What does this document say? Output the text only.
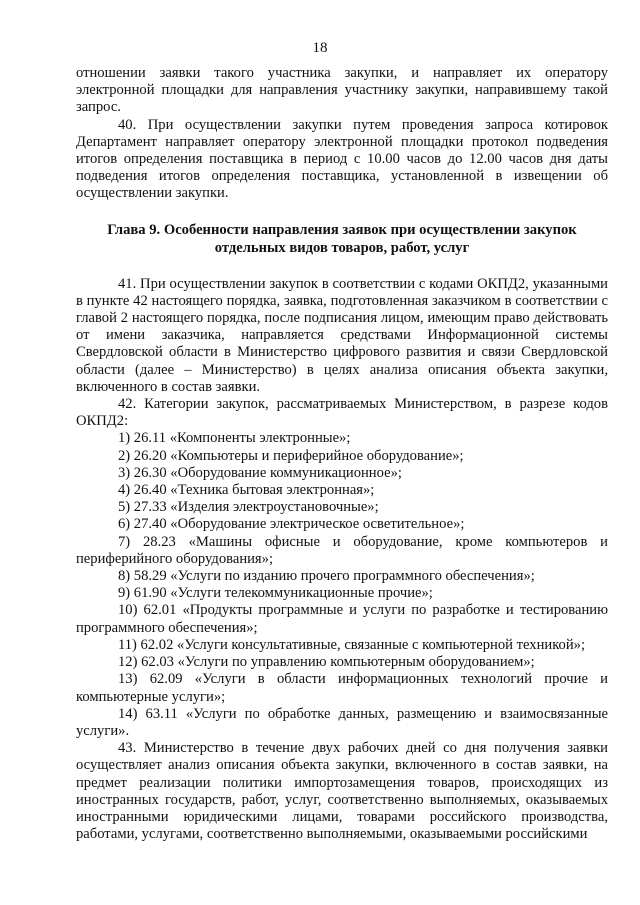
18

отношении заявки такого участника закупки, и направляет их оператору электронной площадки для направления участнику закупки, направившему такой запрос.

40. При осуществлении закупки путем проведения запроса котировок Департамент направляет оператору электронной площадки протокол подведения итогов определения поставщика в период с 10.00 часов до 12.00 часов дня даты подведения итогов определения поставщика, установленной в извещении об осуществлении закупки.

Глава 9. Особенности направления заявок при осуществлении закупок
отдельных видов товаров, работ, услуг

41. При осуществлении закупок в соответствии с кодами ОКПД2, указанными в пункте 42 настоящего порядка, заявка, подготовленная заказчиком в соответствии с главой 2 настоящего порядка, после подписания лицом, имеющим право действовать от имени заказчика, направляется средствами Информационной системы Свердловской области в Министерство цифрового развития и связи Свердловской области (далее – Министерство) в целях анализа описания объекта закупки, включенного в состав заявки.

42. Категории закупок, рассматриваемых Министерством, в разрезе кодов ОКПД2:

1) 26.11 «Компоненты электронные»;

2) 26.20 «Компьютеры и периферийное оборудование»;

3) 26.30 «Оборудование коммуникационное»;

4) 26.40 «Техника бытовая электронная»;

5) 27.33 «Изделия электроустановочные»;

6) 27.40 «Оборудование электрическое осветительное»;

7) 28.23 «Машины офисные и оборудование, кроме компьютеров и периферийного оборудования»;

8) 58.29 «Услуги по изданию прочего программного обеспечения»;

9) 61.90 «Услуги телекоммуникационные прочие»;

10) 62.01 «Продукты программные и услуги по разработке и тестированию программного обеспечения»;

11) 62.02 «Услуги консультативные, связанные с компьютерной техникой»;

12) 62.03 «Услуги по управлению компьютерным оборудованием»;

13) 62.09 «Услуги в области информационных технологий прочие и компьютерные услуги»;

14) 63.11 «Услуги по обработке данных, размещению и взаимосвязанные услуги».

43. Министерство в течение двух рабочих дней со дня получения заявки осуществляет анализ описания объекта закупки, включенного в состав заявки, на предмет реализации политики импортозамещения товаров, происходящих из иностранных государств, работ, услуг, соответственно выполняемых, оказываемых иностранными юридическими лицами, товарами российского производства, работами, услугами, соответственно выполняемыми, оказываемыми российскими
